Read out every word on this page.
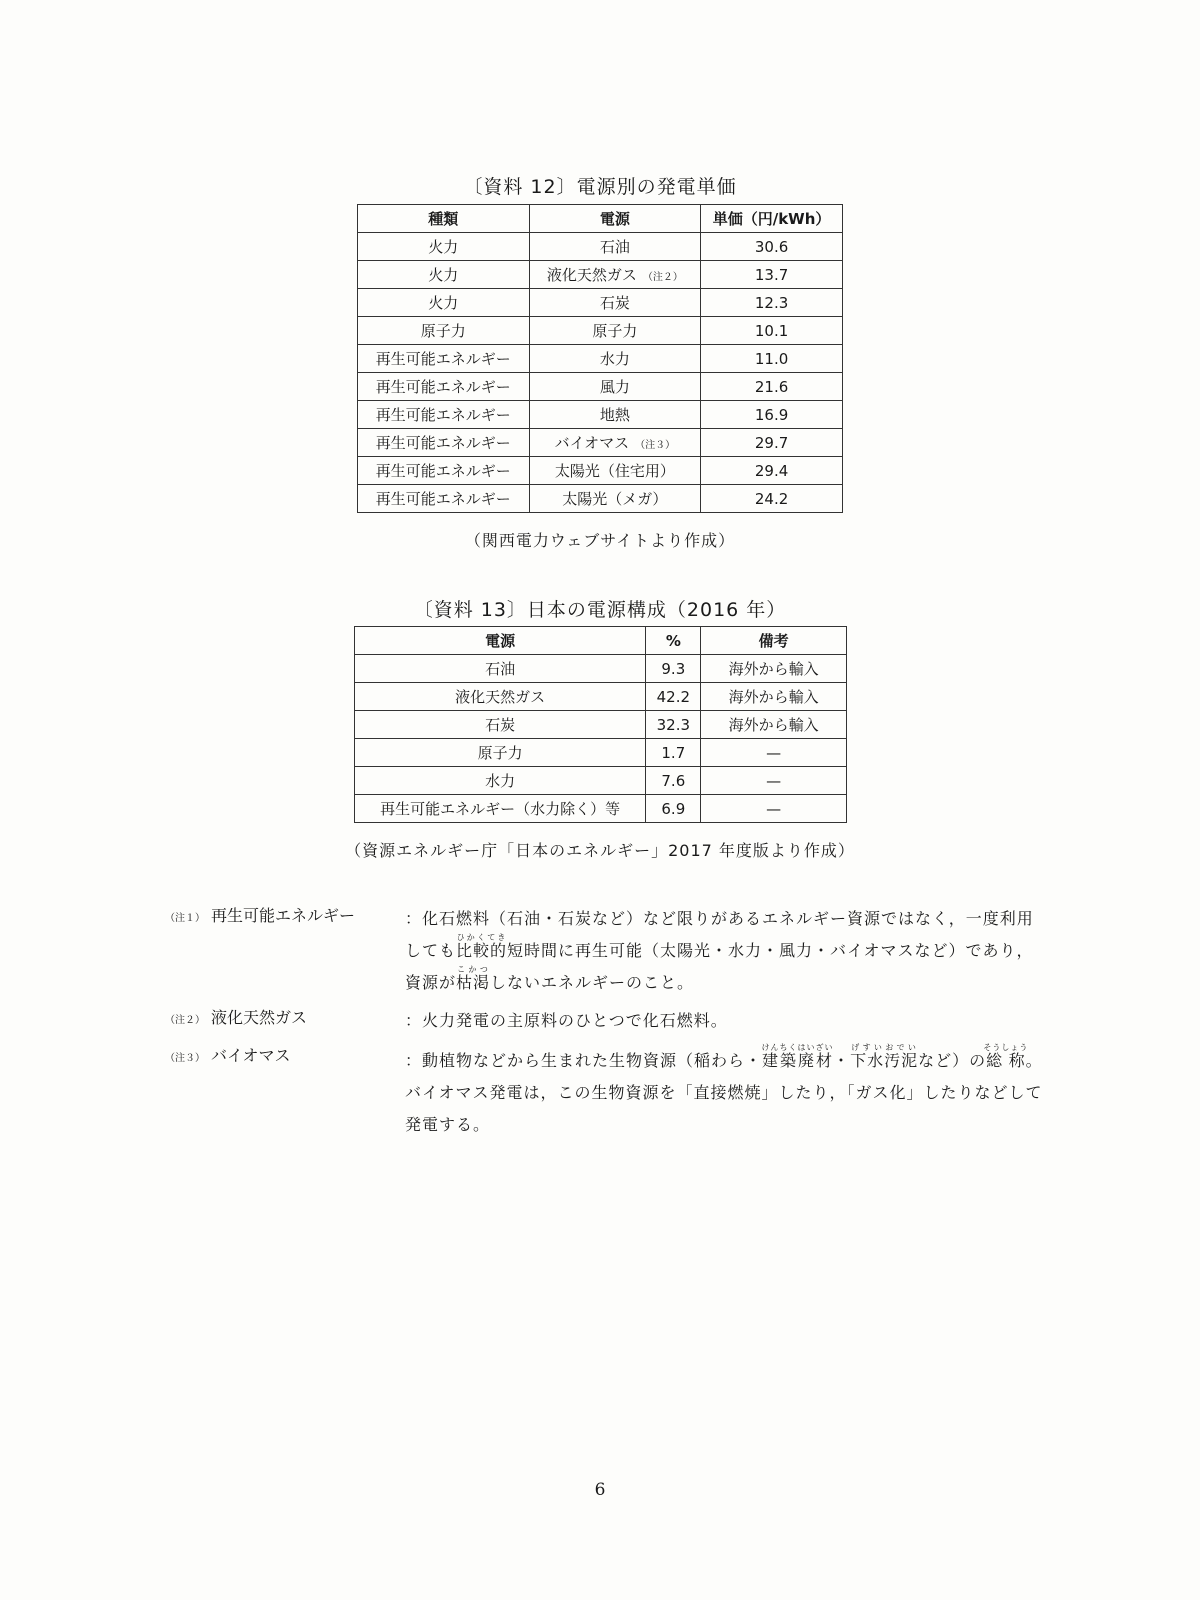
〔資料 12〕電源別の発電単価
種類	電源	単価（円/kWh）
火力	石油	30.6
火力	液化天然ガス （注２）	13.7
火力	石炭	12.3
原子力	原子力	10.1
再生可能エネルギー	水力	11.0
再生可能エネルギー	風力	21.6
再生可能エネルギー	地熱	16.9
再生可能エネルギー	バイオマス （注３）	29.7
再生可能エネルギー	太陽光（住宅用）	29.4
再生可能エネルギー	太陽光（メガ）	24.2
（関西電力ウェブサイトより作成）
〔資料 13〕日本の電源構成（2016 年）
電源	%	備考
石油	9.3	海外から輸入
液化天然ガス	42.2	海外から輸入
石炭	32.3	海外から輸入
原子力	1.7	—
水力	7.6	—
再生可能エネルギー（水力除く）等	6.9	—
（資源エネルギー庁「日本のエネルギー」2017 年度版より作成）
（注１） 再生可能エネルギー	：化石燃料（石油・石炭など）など限りがあるエネルギー資源ではなく，一度利用しても比較的ひかくてき短時間に再生可能（太陽光・水力・風力・バイオマスなど）であり，資源が枯渇こかつしないエネルギーのこと。
（注２） 液化天然ガス	：火力発電の主原料のひとつで化石燃料。
（注３） バイオマス	：動植物などから生まれた生物資源（稲わら・建築廃材けんちくはいざい・下水汚泥げすいおでいなど）の総称そうしょう。バイオマス発電は，この生物資源を「直接燃焼」したり，「ガス化」したりなどして発電する。
6
